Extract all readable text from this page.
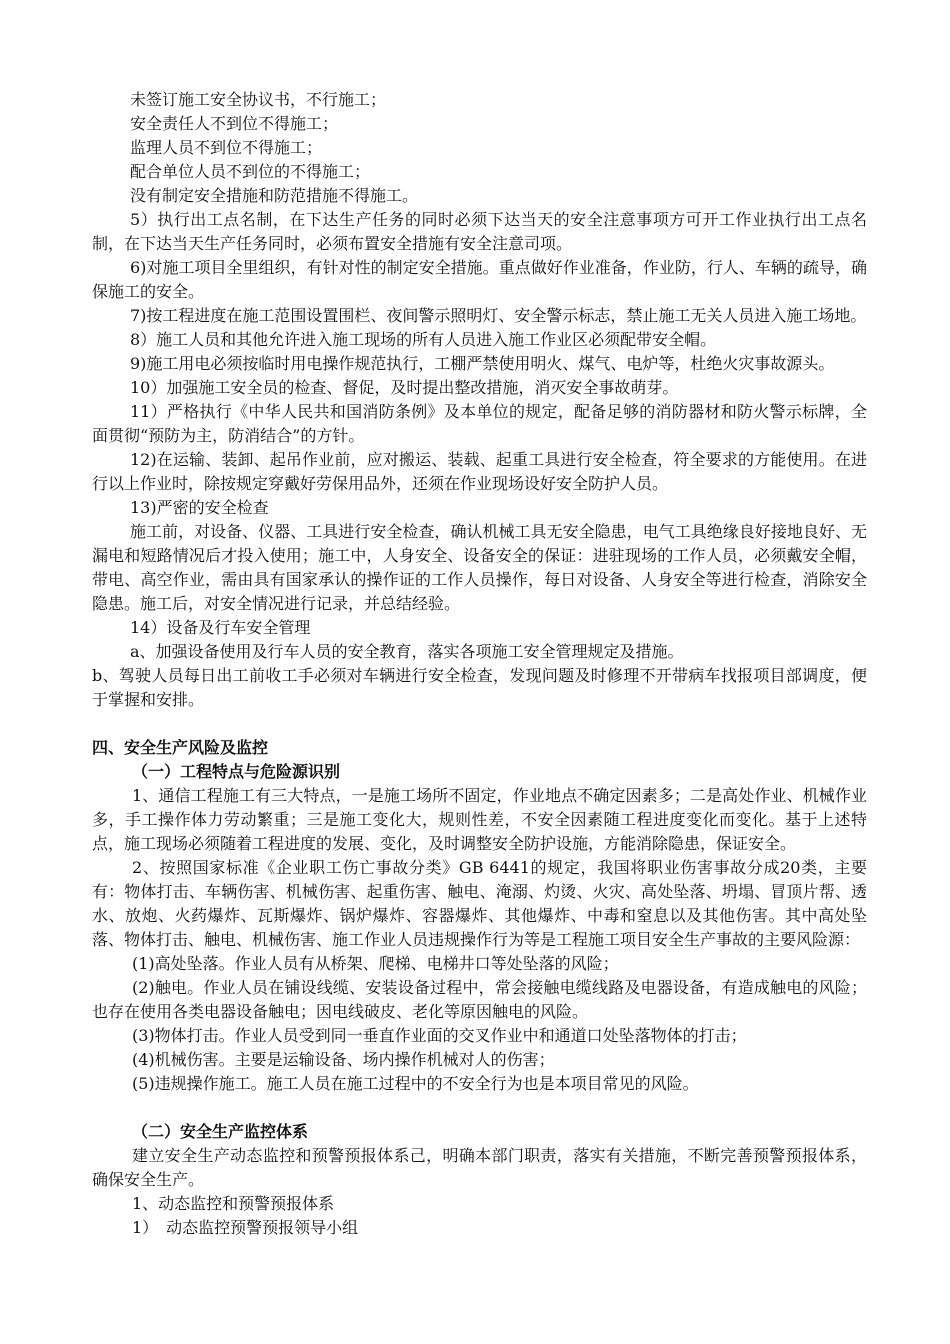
未签订施工安全协议书，不行施工；

安全责任人不到位不得施工；

监理人员不到位不得施工；

配合单位人员不到位的不得施工；

没有制定安全措施和防范措施不得施工。

5）执行出工点名制，在下达生产任务的同时必须下达当天的安全注意事项方可开工作业执行出工点名制，在下达当天生产任务同时，必须布置安全措施有安全注意司项。

6)对施工项目全里组织，有针对性的制定安全措施。重点做好作业准备，作业防，行人、车辆的疏导，确保施工的安全。

7)按工程进度在施工范围设置围栏、夜间警示照明灯、安全警示标志，禁止施工无关人员进入施工场地。

8）施工人员和其他允许进入施工现场的所有人员进入施工作业区必须配带安全帽。

9)施工用电必须按临时用电操作规范执行，工棚严禁使用明火、煤气、电炉等，杜绝火灾事故源头。

10）加强施工安全员的检查、督促，及时提出整改措施，消灭安全事故萌芽。

11）严格执行《中华人民共和国消防条例》及本单位的规定，配备足够的消防器材和防火警示标牌，全面贯彻“预防为主，防消结合”的方针。

12)在运输、装卸、起吊作业前，应对搬运、装载、起重工具进行安全检查，符全要求的方能使用。在进行以上作业时，除按规定穿戴好劳保用品外，还须在作业现场设好安全防护人员。

13)严密的安全检查

施工前，对设备、仪器、工具进行安全检查，确认机械工具无安全隐患，电气工具绝缘良好接地良好、无漏电和短路情况后才投入使用；施工中，人身安全、设备安全的保证：进驻现场的工作人员，必须戴安全帽，带电、高空作业，需由具有国家承认的操作证的工作人员操作，每日对设备、人身安全等进行检查，消除安全隐患。施工后，对安全情况进行记录，并总结经验。

14）设备及行车安全管理

a、加强设备使用及行车人员的安全教育，落实各项施工安全管理规定及措施。

b、驾驶人员每日出工前收工手必须对车辆进行安全检查，发现问题及时修理不开带病车找报项目部调度，便于掌握和安排。

四、安全生产风险及监控
（一）工程特点与危险源识别

1、通信工程施工有三大特点，一是施工场所不固定，作业地点不确定因素多；二是高处作业、机械作业多，手工操作体力劳动繁重；三是施工变化大，规则性差，不安全因素随工程进度变化而变化。基于上述特点，施工现场必须随着工程进度的发展、变化，及时调整安全防护设施，方能消除隐患，保证安全。

2、按照国家标准《企业职工伤亡事故分类》GB 6441的规定，我国将职业伤害事故分成20类，主要有：物体打击、车辆伤害、机械伤害、起重伤害、触电、淹溺、灼烫、火灾、高处坠落、坍塌、冒顶片帮、透水、放炮、火药爆炸、瓦斯爆炸、锅炉爆炸、容器爆炸、其他爆炸、中毒和窒息以及其他伤害。其中高处坠落、物体打击、触电、机械伤害、施工作业人员违规操作行为等是工程施工项目安全生产事故的主要风险源：

(1)高处坠落。作业人员有从桥架、爬梯、电梯井口等处坠落的风险；

(2)触电。作业人员在铺设线缆、安装设备过程中，常会接触电缆线路及电器设备，有造成触电的风险；也存在使用各类电器设备触电；因电线破皮、老化等原因触电的风险。

(3)物体打击。作业人员受到同一垂直作业面的交叉作业中和通道口处坠落物体的打击；

(4)机械伤害。主要是运输设备、场内操作机械对人的伤害；

(5)违规操作施工。施工人员在施工过程中的不安全行为也是本项目常见的风险。

（二）安全生产监控体系

建立安全生产动态监控和预警预报体系己，明确本部门职责，落实有关措施，不断完善预警预报体系，确保安全生产。

1、动态监控和预警预报体系

1）　动态监控预警预报领导小组
